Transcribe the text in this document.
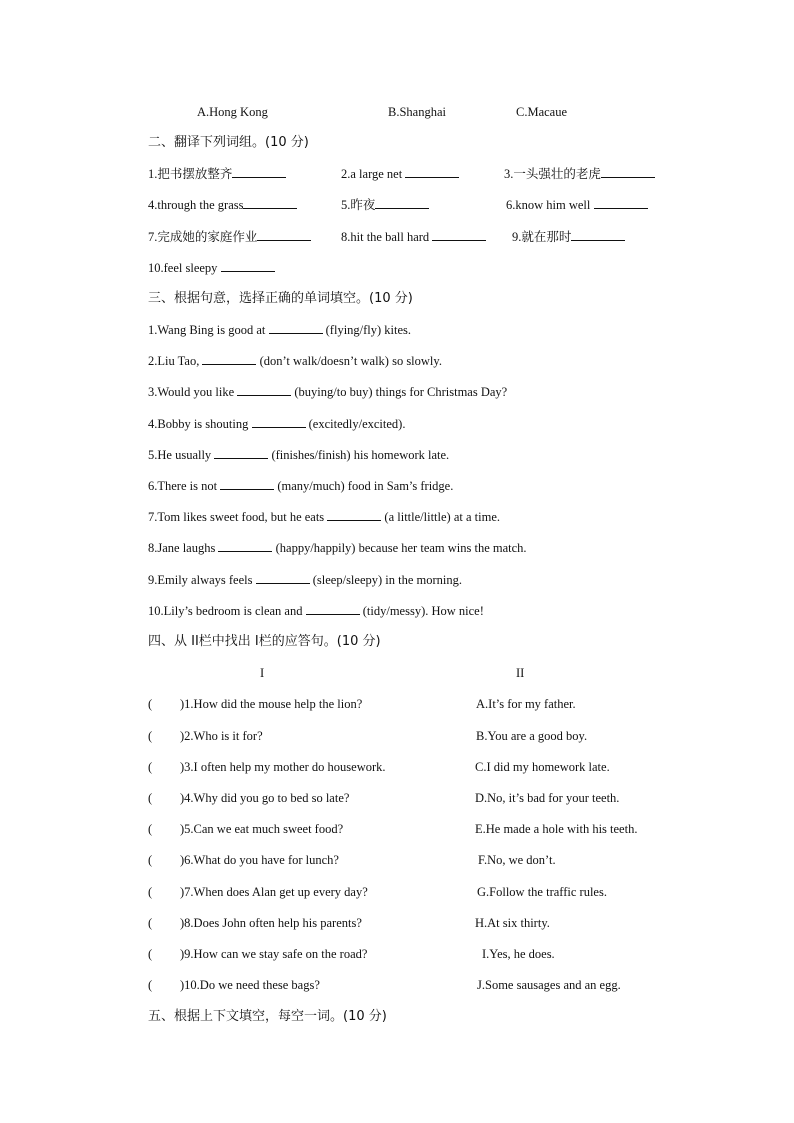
A.Hong Kong	B.Shanghai	C.Macaue
二、翻译下列词组。(10 分)
1.把书摆放整齐	2.a large net	3.一头强壮的老虎
4.through the grass	5.昨夜	6.know him well
7.完成她的家庭作业	8.hit the ball hard	9.就在那时
10.feel sleepy
三、根据句意，选择正确的单词填空。(10 分)
1.Wang Bing is good at	(flying/fly) kites.
2.Liu Tao,	(don’t walk/doesn’t walk) so slowly.
3.Would you like	(buying/to buy) things for Christmas Day?
4.Bobby is shouting	(excitedly/excited).
5.He usually	(finishes/finish) his homework late.
6.There is not	(many/much) food in Sam’s fridge.
7.Tom likes sweet food, but he eats	(a little/little) at a time.
8.Jane laughs	(happy/happily) because her team wins the match.
9.Emily always feels	(sleep/sleepy) in the morning.
10.Lily’s bedroom is clean and	(tidy/messy). How nice!
四、从 II栏中找出 I栏的应答句。(10 分)
I	II
( )1.How did the mouse help the lion?	A.It’s for my father.
( )2.Who is it for?	B.You are a good boy.
( )3.I often help my mother do housework.	C.I did my homework late.
( )4.Why did you go to bed so late?	D.No, it’s bad for your teeth.
( )5.Can we eat much sweet food?	E.He made a hole with his teeth.
( )6.What do you have for lunch?	F.No, we don’t.
( )7.When does Alan get up every day?	G.Follow the traffic rules.
( )8.Does John often help his parents?	H.At six thirty.
( )9.How can we stay safe on the road?	I.Yes, he does.
( )10.Do we need these bags?	J.Some sausages and an egg.
五、根据上下文填空，每空一词。(10 分)
